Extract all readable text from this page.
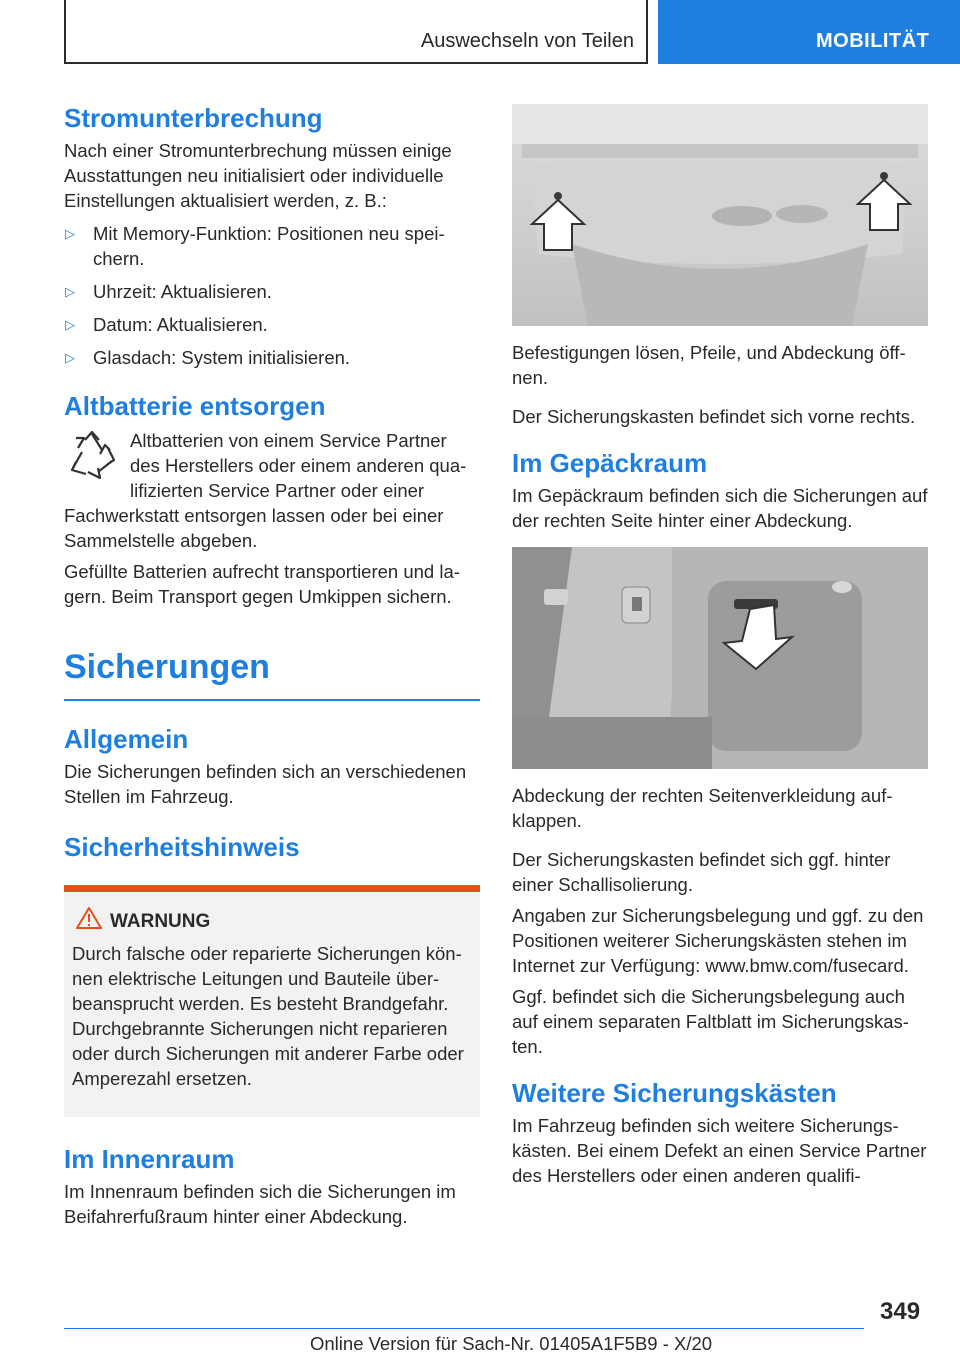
Auswechseln von Teilen	MOBILITÄT
Stromunterbrechung

Nach einer Stromunterbrechung müssen einige Ausstattungen neu initialisiert oder individuelle Einstellungen aktualisiert werden, z. B.:

▷ Mit Memory-Funktion: Positionen neu speichern.
▷ Uhrzeit: Aktualisieren.
▷ Datum: Aktualisieren.
▷ Glasdach: System initialisieren.
Altbatterie entsorgen

Altbatterien von einem Service Partner des Herstellers oder einem anderen qualifizierten Service Partner oder einer Fachwerkstatt entsorgen lassen oder bei einer Sammelstelle abgeben.

Gefüllte Batterien aufrecht transportieren und lagern. Beim Transport gegen Umkippen sichern.

Sicherungen
Allgemein

Die Sicherungen befinden sich an verschiedenen Stellen im Fahrzeug.

Sicherheitshinweis
WARNUNG
Durch falsche oder reparierte Sicherungen können elektrische Leitungen und Bauteile überbeansprucht werden. Es besteht Brandgefahr. Durchgebrannte Sicherungen nicht reparieren oder durch Sicherungen mit anderer Farbe oder Amperezahl ersetzen.
Im Innenraum

Im Innenraum befinden sich die Sicherungen im Beifahrerfußraum hinter einer Abdeckung.

Befestigungen lösen, Pfeile, und Abdeckung öffnen.

Der Sicherungskasten befindet sich vorne rechts.

Im Gepäckraum

Im Gepäckraum befinden sich die Sicherungen auf der rechten Seite hinter einer Abdeckung.

Abdeckung der rechten Seitenverkleidung aufklappen.

Der Sicherungskasten befindet sich ggf. hinter einer Schallisolierung.

Angaben zur Sicherungsbelegung und ggf. zu den Positionen weiterer Sicherungskästen stehen im Internet zur Verfügung: www.bmw.com/fusecard.

Ggf. befindet sich die Sicherungsbelegung auch auf einem separaten Faltblatt im Sicherungskasten.

Weitere Sicherungskästen

Im Fahrzeug befinden sich weitere Sicherungskästen. Bei einem Defekt an einen Service Partner des Herstellers oder einen anderen qualifi-

349
Online Version für Sach-Nr. 01405A1F5B9 - X/20
